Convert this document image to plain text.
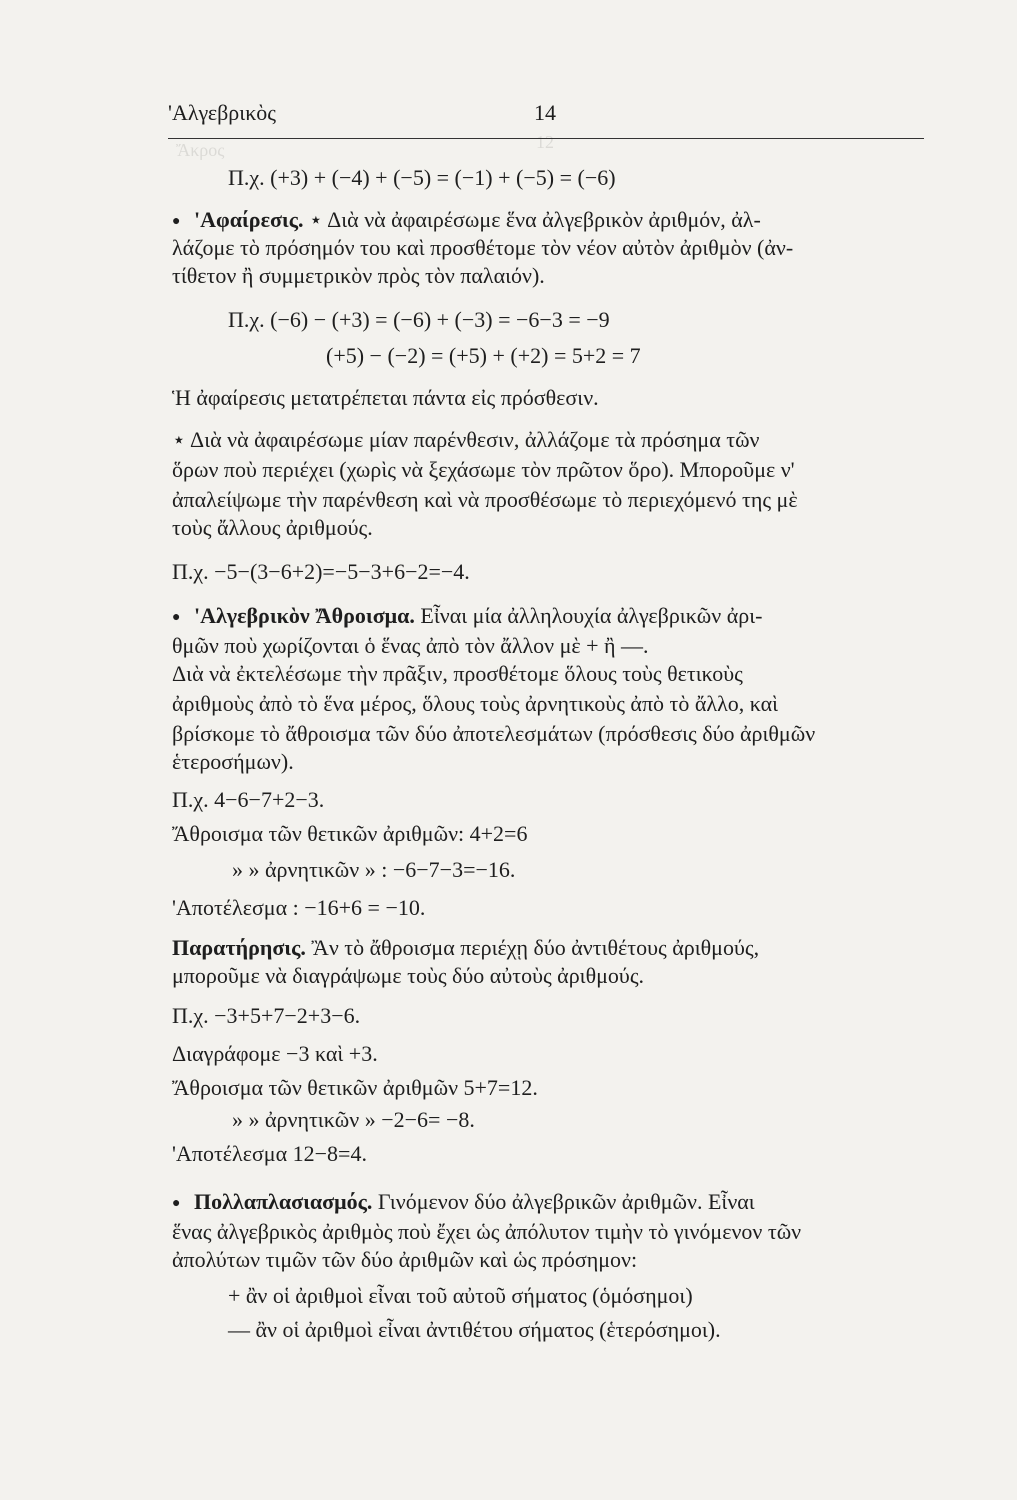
12
Ἄκρος
'Αλγεβρικὸς	14
Π.χ. (+3) + (−4) + (−5) = (−1) + (−5) = (−6)
● 'Αφαίρεσις. ⋆ Διὰ νὰ ἀφαιρέσωμε ἕνα ἀλγεβρικὸν ἀριθμόν, ἀλ-
λάζομε τὸ πρόσημόν του καὶ προσθέτομε τὸν νέον αὐτὸν ἀριθμὸν (ἀν-
τίθετον ἢ συμμετρικὸν πρὸς τὸν παλαιόν).
Π.χ. (−6) − (+3) = (−6) + (−3) = −6−3 = −9
(+5) − (−2) = (+5) + (+2) = 5+2 = 7
Ἡ ἀφαίρεσις μετατρέπεται πάντα εἰς πρόσθεσιν.
⋆ Διὰ νὰ ἀφαιρέσωμε μίαν παρένθεσιν, ἀλλάζομε τὰ πρόσημα τῶν
ὅρων ποὺ περιέχει (χωρὶς νὰ ξεχάσωμε τὸν πρῶτον ὅρο). Μποροῦμε ν'
ἀπαλείψωμε τὴν παρένθεση καὶ νὰ προσθέσωμε τὸ περιεχόμενό της μὲ
τοὺς ἄλλους ἀριθμούς.
Π.χ. −5−(3−6+2)=−5−3+6−2=−4.
● 'Αλγεβρικὸν Ἄθροισμα. Εἶναι μία ἀλληλουχία ἀλγεβρικῶν ἀρι-
θμῶν ποὺ χωρίζονται ὁ ἕνας ἀπὸ τὸν ἄλλον μὲ + ἢ —.
Διὰ νὰ ἐκτελέσωμε τὴν πρᾶξιν, προσθέτομε ὅλους τοὺς θετικοὺς
ἀριθμοὺς ἀπὸ τὸ ἕνα μέρος, ὅλους τοὺς ἀρνητικοὺς ἀπὸ τὸ ἄλλο, καὶ
βρίσκομε τὸ ἄθροισμα τῶν δύο ἀποτελεσμάτων (πρόσθεσις δύο ἀριθμῶν
ἑτεροσήμων).
Π.χ. 4−6−7+2−3.
Ἄθροισμα τῶν θετικῶν ἀριθμῶν: 4+2=6
» » ἀρνητικῶν » : −6−7−3=−16.
'Αποτέλεσμα : −16+6 = −10.
Παρατήρησις. Ἂν τὸ ἄθροισμα περιέχῃ δύο ἀντιθέτους ἀριθμούς,
μποροῦμε νὰ διαγράψωμε τοὺς δύο αὐτοὺς ἀριθμούς.
Π.χ. −3+5+7−2+3−6.
Διαγράφομε −3 καὶ +3.
Ἄθροισμα τῶν θετικῶν ἀριθμῶν 5+7=12.
» » ἀρνητικῶν » −2−6= −8.
'Αποτέλεσμα 12−8=4.
● Πολλαπλασιασμός. Γινόμενον δύο ἀλγεβρικῶν ἀριθμῶν. Εἶναι
ἕνας ἀλγεβρικὸς ἀριθμὸς ποὺ ἔχει ὡς ἀπόλυτον τιμὴν τὸ γινόμενον τῶν
ἀπολύτων τιμῶν τῶν δύο ἀριθμῶν καὶ ὡς πρόσημον:
+ ἂν οἱ ἀριθμοὶ εἶναι τοῦ αὐτοῦ σήματος (ὁμόσημοι)
— ἂν οἱ ἀριθμοὶ εἶναι ἀντιθέτου σήματος (ἑτερόσημοι).
